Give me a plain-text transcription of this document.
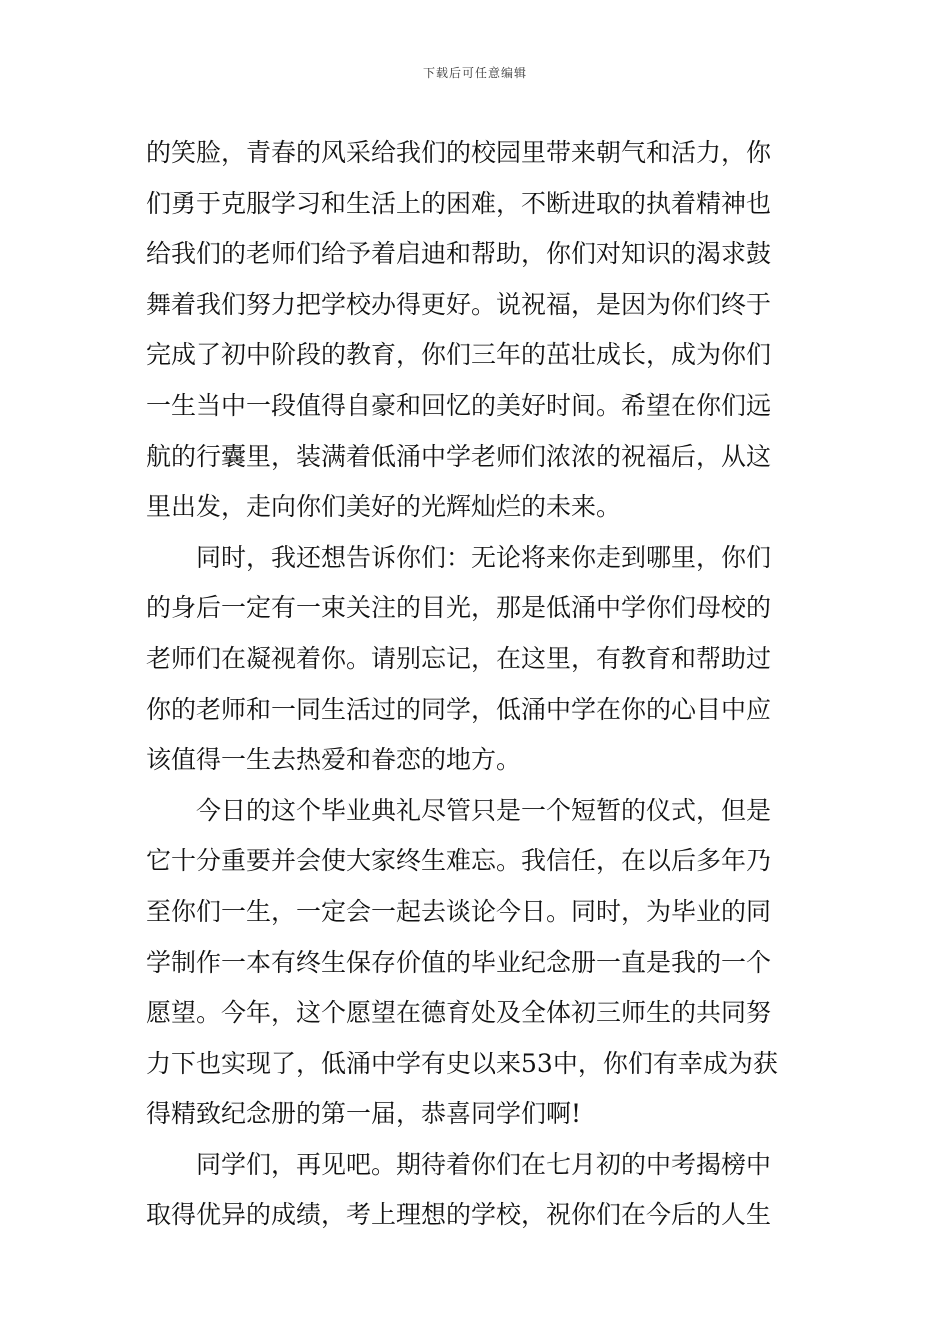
下载后可任意编辑
的笑脸，青春的风采给我们的校园里带来朝气和活力，你
们勇于克服学习和生活上的困难，不断进取的执着精神也
给我们的老师们给予着启迪和帮助，你们对知识的渴求鼓
舞着我们努力把学校办得更好。说祝福，是因为你们终于
完成了初中阶段的教育，你们三年的茁壮成长，成为你们
一生当中一段值得自豪和回忆的美好时间。希望在你们远
航的行囊里，装满着低涌中学老师们浓浓的祝福后，从这
里出发，走向你们美好的光辉灿烂的未来。
同时，我还想告诉你们：无论将来你走到哪里，你们
的身后一定有一束关注的目光，那是低涌中学你们母校的
老师们在凝视着你。请别忘记，在这里，有教育和帮助过
你的老师和一同生活过的同学，低涌中学在你的心目中应
该值得一生去热爱和眷恋的地方。
今日的这个毕业典礼尽管只是一个短暂的仪式，但是
它十分重要并会使大家终生难忘。我信任，在以后多年乃
至你们一生，一定会一起去谈论今日。同时，为毕业的同
学制作一本有终生保存价值的毕业纪念册一直是我的一个
愿望。今年，这个愿望在德育处及全体初三师生的共同努
力下也实现了，低涌中学有史以来53中，你们有幸成为获
得精致纪念册的第一届，恭喜同学们啊!
同学们，再见吧。期待着你们在七月初的中考揭榜中
取得优异的成绩，考上理想的学校，祝你们在今后的人生
